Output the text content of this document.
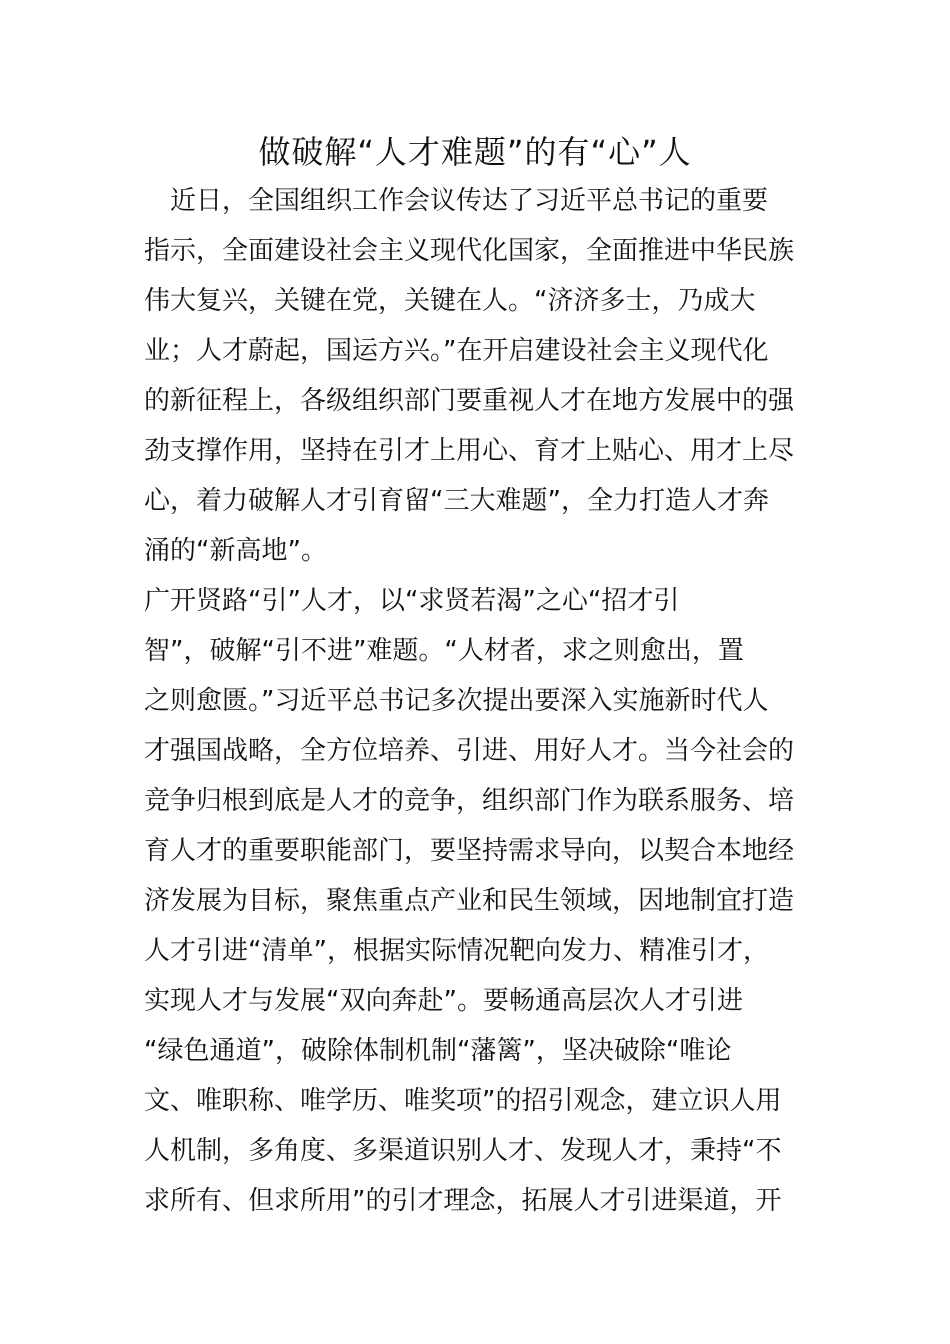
做破解“人才难题”的有“心”人
　近日，全国组织工作会议传达了习近平总书记的重要
指示，全面建设社会主义现代化国家，全面推进中华民族
伟大复兴，关键在党，关键在人。“济济多士，乃成大
业；人才蔚起，国运方兴。”在开启建设社会主义现代化
的新征程上，各级组织部门要重视人才在地方发展中的强
劲支撑作用，坚持在引才上用心、育才上贴心、用才上尽
心，着力破解人才引育留“三大难题”，全力打造人才奔
涌的“新高地”。
广开贤路“引”人才，以“求贤若渴”之心“招才引
智”，破解“引不进”难题。“人材者，求之则愈出，置
之则愈匮。”习近平总书记多次提出要深入实施新时代人
才强国战略，全方位培养、引进、用好人才。当今社会的
竞争归根到底是人才的竞争，组织部门作为联系服务、培
育人才的重要职能部门，要坚持需求导向，以契合本地经
济发展为目标，聚焦重点产业和民生领域，因地制宜打造
人才引进“清单”，根据实际情况靶向发力、精准引才，
实现人才与发展“双向奔赴”。要畅通高层次人才引进
“绿色通道”，破除体制机制“藩篱”，坚决破除“唯论
文、唯职称、唯学历、唯奖项”的招引观念，建立识人用
人机制，多角度、多渠道识别人才、发现人才，秉持“不
求所有、但求所用”的引才理念，拓展人才引进渠道，开
